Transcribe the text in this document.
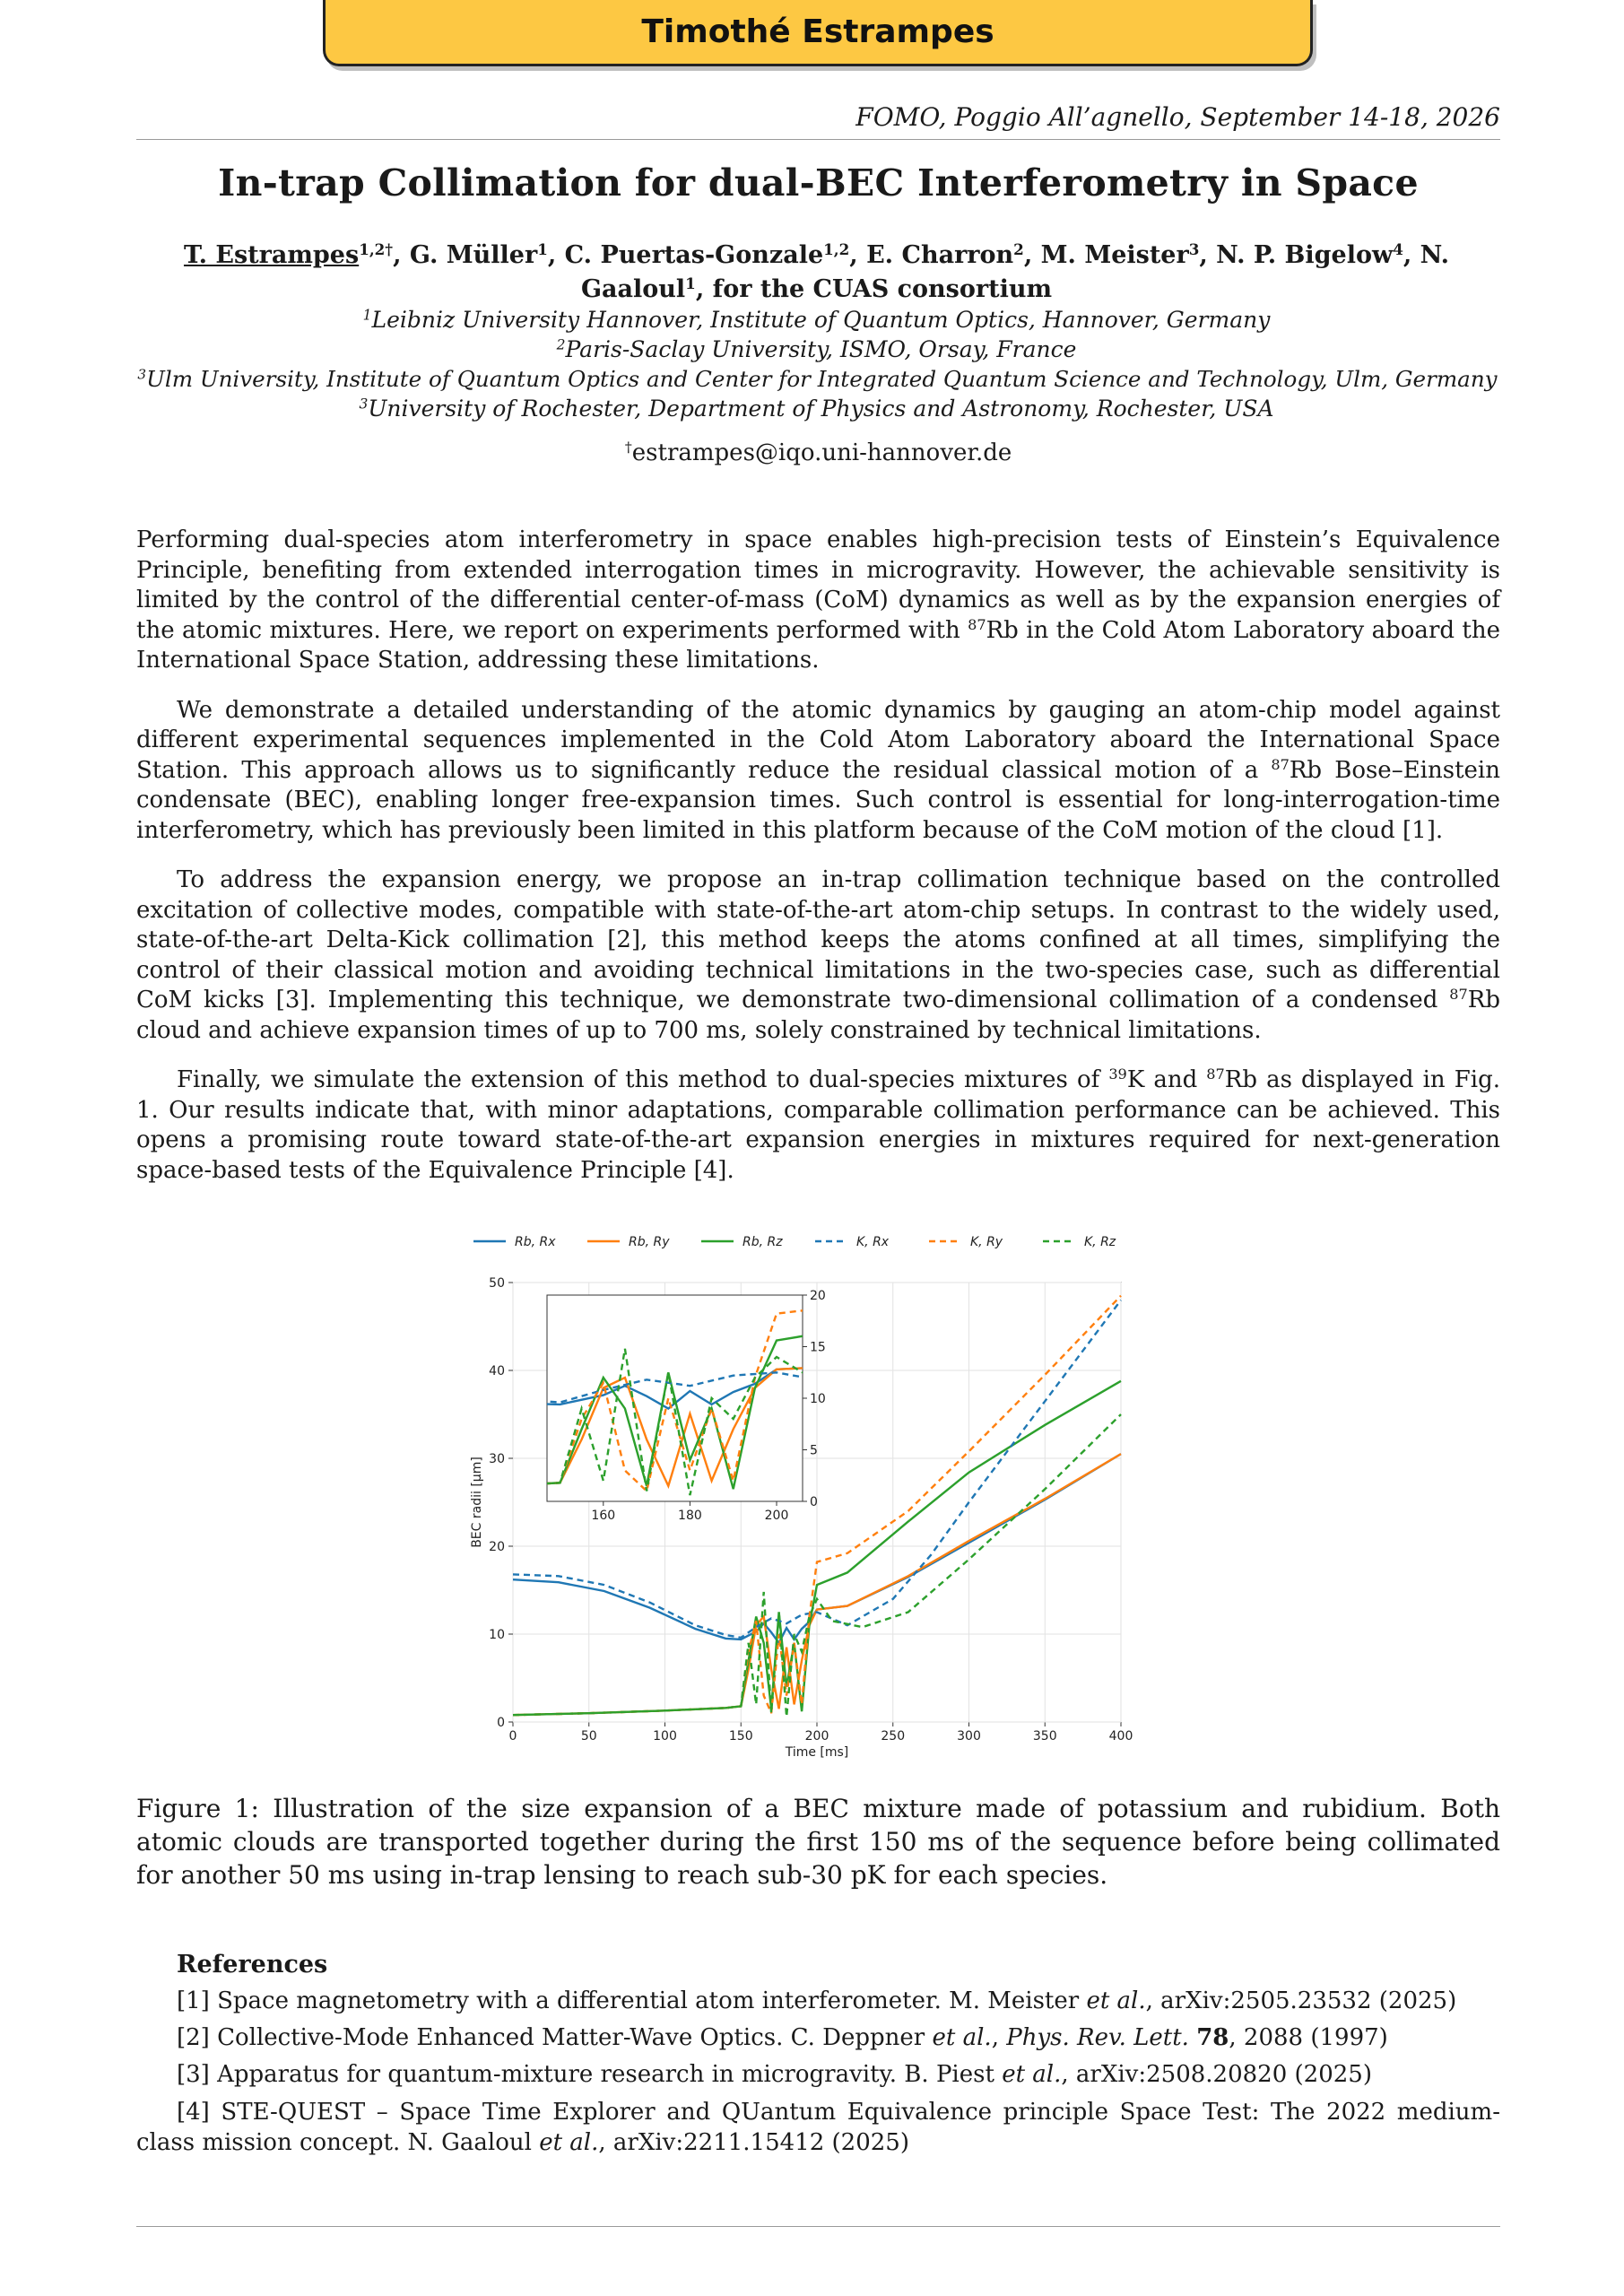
Timothé Estrampes
FOMO, Poggio All’agnello, September 14-18, 2026
In-trap Collimation for dual-BEC Interferometry in Space
T. Estrampes$^{1,2\dagger}$, G. Müller$^1$, C. Puertas-Gonzale$^{1,2}$, E. Charron$^2$, M. Meister$^3$, N. P. Bigelow$^4$, N. Gaaloul$^1$, for the CUAS consortium
$^1$Leibniz University Hannover, Institute of Quantum Optics, Hannover, Germany
$^2$Paris-Saclay University, ISMO, Orsay, France
$^3$Ulm University, Institute of Quantum Optics and Center for Integrated Quantum Science and Technology, Ulm, Germany
$^3$University of Rochester, Department of Physics and Astronomy, Rochester, USA
†estrampes@iqo.uni-hannover.de

Performing dual-species atom interferometry in space enables high-precision tests of Einstein’s Equivalence Principle, benefiting from extended interrogation times in microgravity. However, the achievable sensitivity is limited by the control of the differential center-of-mass (CoM) dynamics as well as by the expansion energies of the atomic mixtures. Here, we report on experiments performed with $^{87}$Rb in the Cold Atom Laboratory aboard the International Space Station, addressing these limitations.

We demonstrate a detailed understanding of the atomic dynamics by gauging an atom-chip model against different experimental sequences implemented in the Cold Atom Laboratory aboard the International Space Station. This approach allows us to significantly reduce the residual classical motion of a $^{87}$Rb Bose–Einstein condensate (BEC), enabling longer free-expansion times. Such control is essential for long-interrogation-time interferometry, which has previously been limited in this platform because of the CoM motion of the cloud [1].

To address the expansion energy, we propose an in-trap collimation technique based on the controlled excitation of collective modes, compatible with state-of-the-art atom-chip setups. In contrast to the widely used, state-of-the-art Delta-Kick collimation [2], this method keeps the atoms confined at all times, simplifying the control of their classical motion and avoiding technical limitations in the two-species case, such as differential CoM kicks [3]. Implementing this technique, we demonstrate two-dimensional collimation of a condensed $^{87}$Rb cloud and achieve expansion times of up to 700 ms, solely constrained by technical limitations.

Finally, we simulate the extension of this method to dual-species mixtures of $^{39}$K and $^{87}$Rb as displayed in Fig. 1. Our results indicate that, with minor adaptations, comparable collimation performance can be achieved. This opens a promising route toward state-of-the-art expansion energies in mixtures required for next-generation space-based tests of the Equivalence Principle [4].

0	50	100	150	200	250	300	350	400
0
10
20
30
40
50
Time [ms]
BEC radii [µm]	160	180	200
0
5
10
15
20
Rb, Rx	Rb, Ry	Rb, Rz	K, Rx	K, Ry	K, Rz
Figure 1: Illustration of the size expansion of a BEC mixture made of potassium and rubidium. Both atomic clouds are transported together during the first 150 ms of the sequence before being collimated for another 50 ms using in-trap lensing to reach sub-30 pK for each species.
References
[1] Space magnetometry with a differential atom interferometer. M. Meister et al., arXiv:2505.23532 (2025)
[2] Collective-Mode Enhanced Matter-Wave Optics. C. Deppner et al., Phys. Rev. Lett. 78, 2088 (1997)
[3] Apparatus for quantum-mixture research in microgravity. B. Piest et al., arXiv:2508.20820 (2025)
[4] STE-QUEST – Space Time Explorer and QUantum Equivalence principle Space Test: The 2022 medium-class mission concept. N. Gaaloul et al., arXiv:2211.15412 (2025)
